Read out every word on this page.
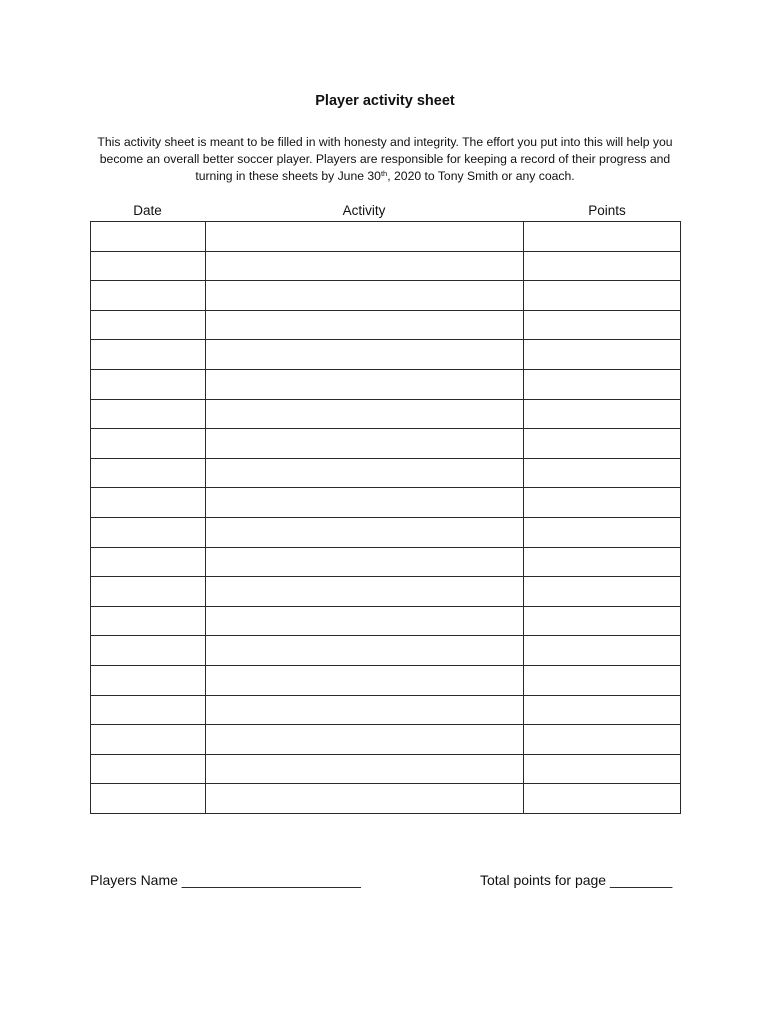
Player activity sheet

This activity sheet is meant to be filled in with honesty and integrity. The effort you put into this will help you become an overall better soccer player. Players are responsible for keeping a record of their progress and turning in these sheets by June 30th, 2020 to Tony Smith or any coach.

Date	Activity	Points

Players Name _______________________	Total points for page ________
